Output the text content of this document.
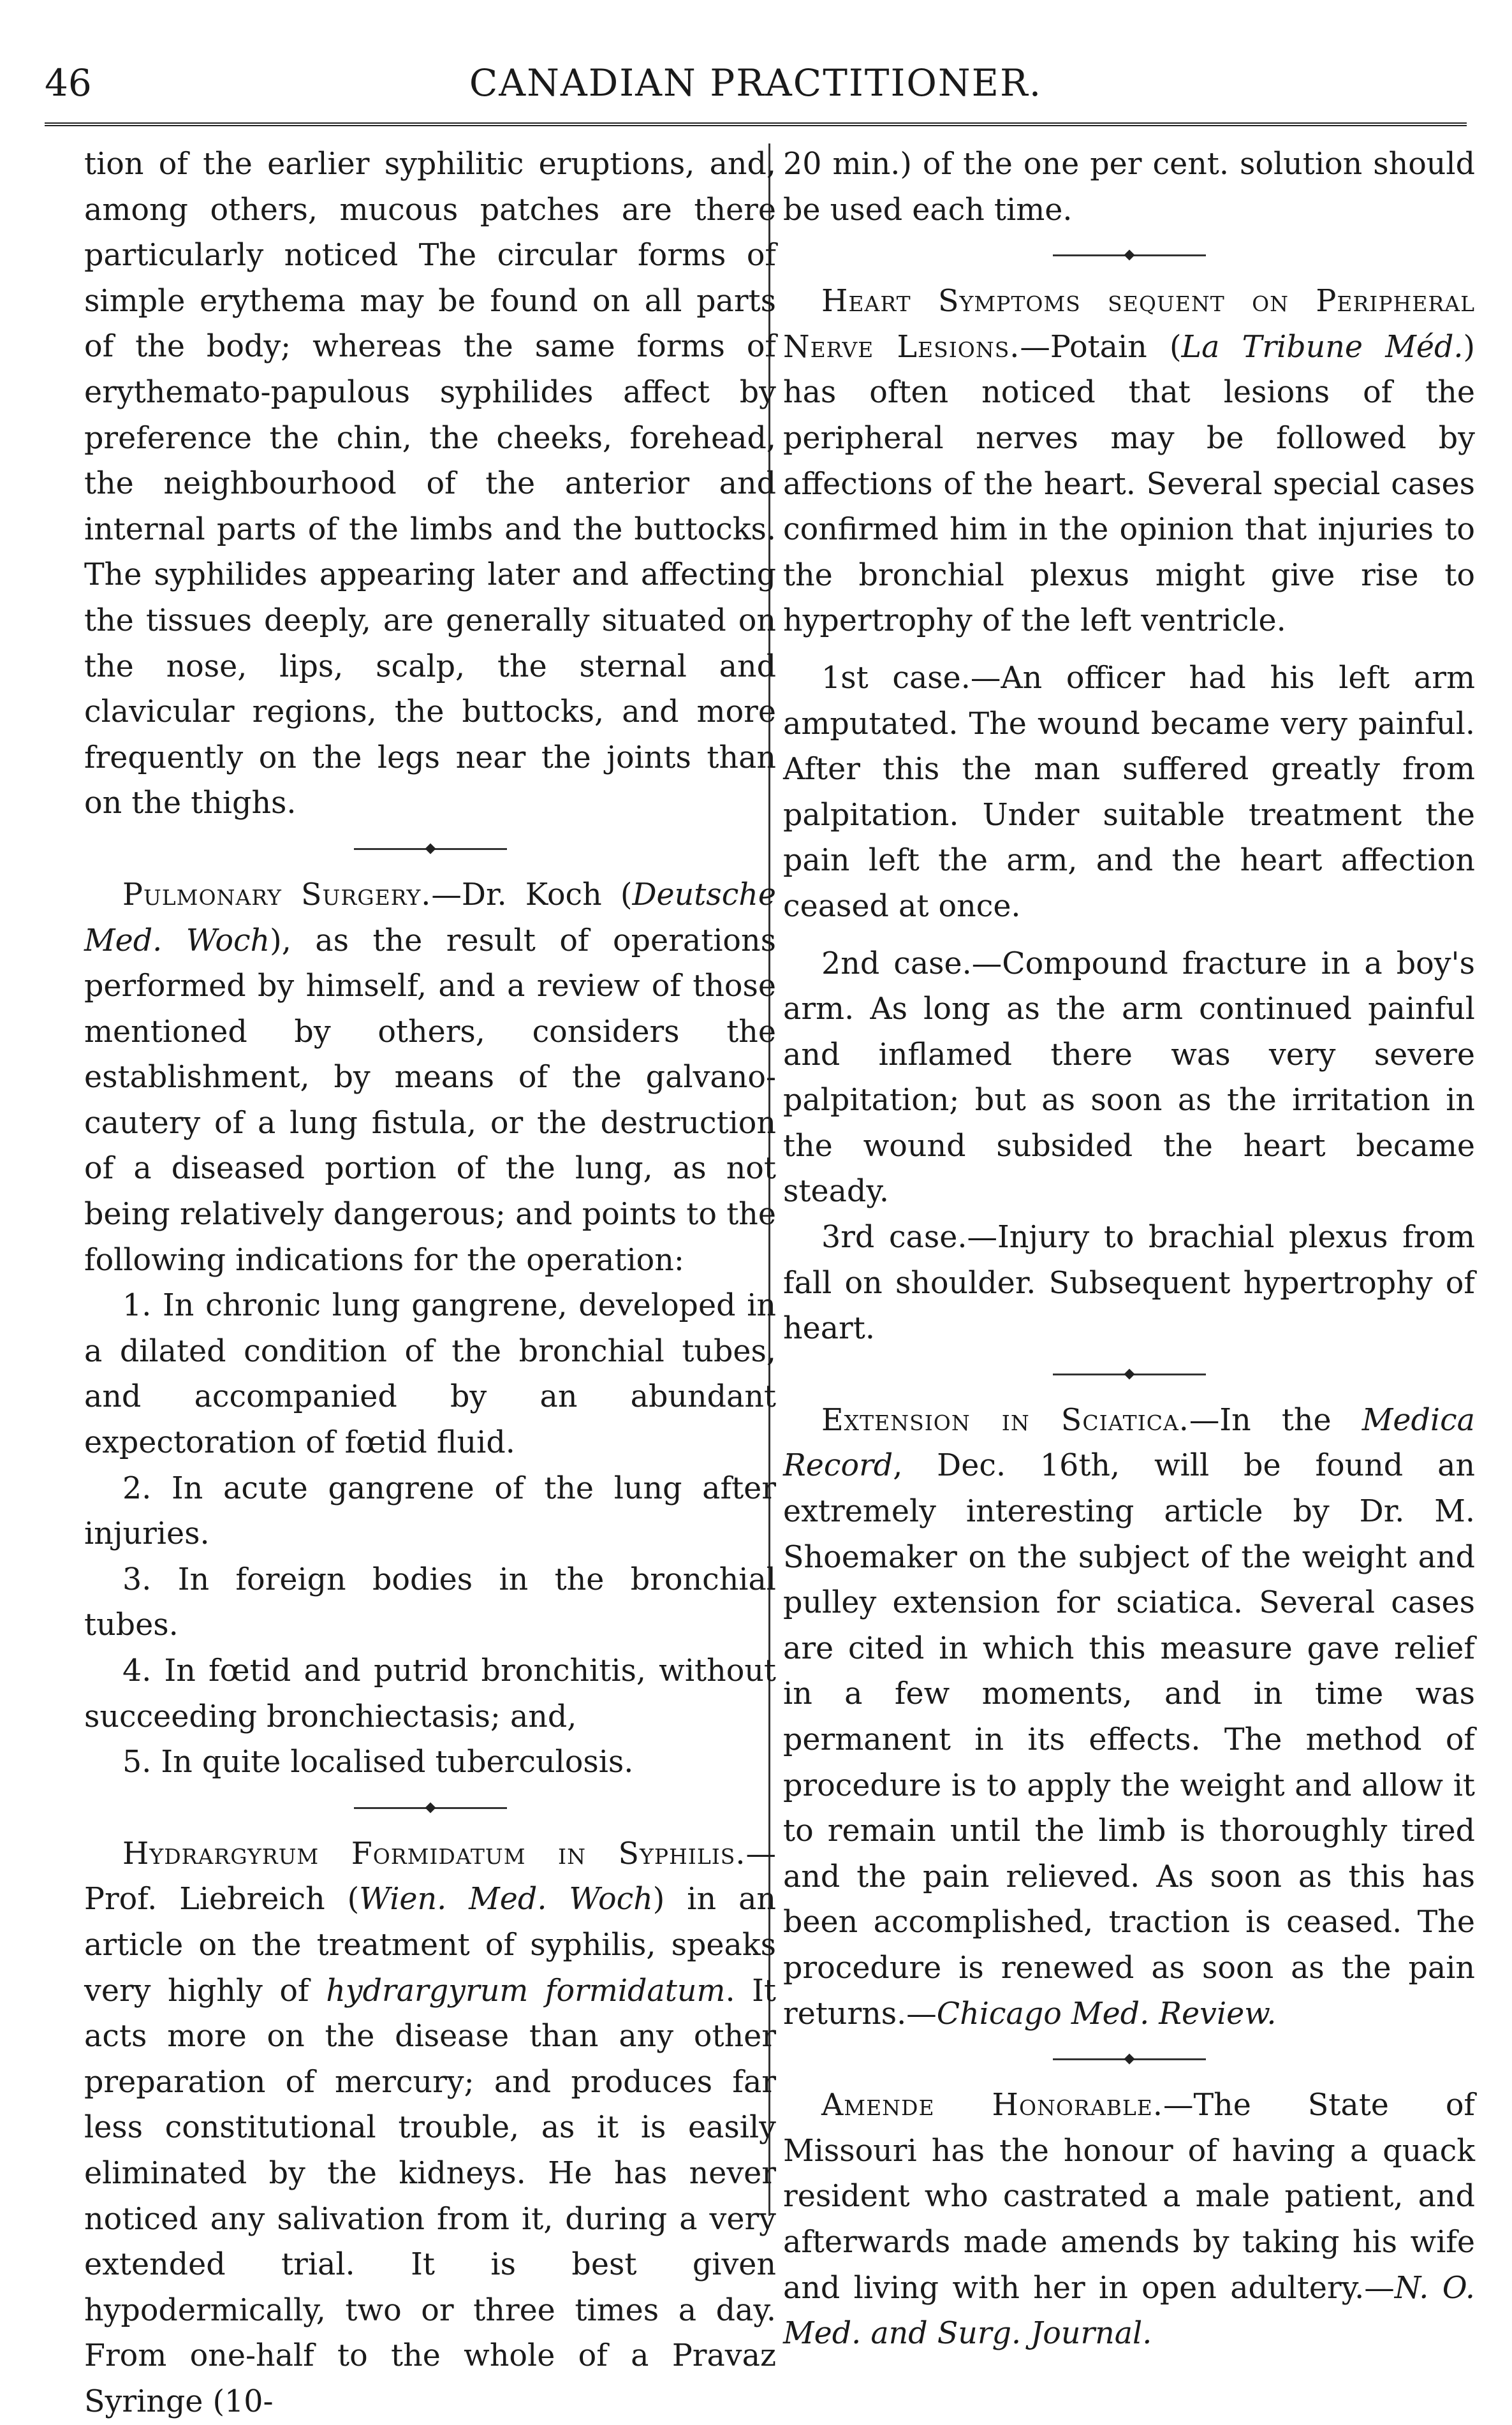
46	CANADIAN PRACTITIONER.

tion of the earlier syphilitic eruptions, and, among others, mucous patches are there particularly noticed The circular forms of simple erythema may be found on all parts of the body; whereas the same forms of erythemato-papulous syphilides affect by preference the chin, the cheeks, forehead, the neighbourhood of the anterior and internal parts of the limbs and the buttocks. The syphilides appearing later and affecting the tissues deeply, are generally situated on the nose, lips, scalp, the sternal and clavicular regions, the buttocks, and more frequently on the legs near the joints than on the thighs.

Pulmonary Surgery.—Dr. Koch (Deutsche Med. Woch), as the result of operations performed by himself, and a review of those mentioned by others, considers the establishment, by means of the galvano-cautery of a lung fistula, or the destruction of a diseased portion of the lung, as not being relatively dangerous; and points to the following indications for the operation:

1. In chronic lung gangrene, developed in a dilated condition of the bronchial tubes, and accompanied by an abundant expectoration of fœtid fluid.

2. In acute gangrene of the lung after injuries.

3. In foreign bodies in the bronchial tubes.

4. In fœtid and putrid bronchitis, without succeeding bronchiectasis; and,

5. In quite localised tuberculosis.

Hydrargyrum Formidatum in Syphilis.—Prof. Liebreich (Wien. Med. Woch) in an article on the treatment of syphilis, speaks very highly of hydrargyrum formidatum. It acts more on the disease than any other preparation of mercury; and produces far less constitutional trouble, as it is easily eliminated by the kidneys. He has never noticed any salivation from it, during a very extended trial. It is best given hypodermically, two or three times a day. From one-half to the whole of a Pravaz Syringe (10-

20 min.) of the one per cent. solution should be used each time.

Heart Symptoms sequent on Peripheral Nerve Lesions.—Potain (La Tribune Méd.) has often noticed that lesions of the peripheral nerves may be followed by affections of the heart. Several special cases confirmed him in the opinion that injuries to the bronchial plexus might give rise to hypertrophy of the left ventricle.

1st case.—An officer had his left arm amputated. The wound became very painful. After this the man suffered greatly from palpitation. Under suitable treatment the pain left the arm, and the heart affection ceased at once.

2nd case.—Compound fracture in a boy's arm. As long as the arm continued painful and inflamed there was very severe palpitation; but as soon as the irritation in the wound subsided the heart became steady.

3rd case.—Injury to brachial plexus from fall on shoulder. Subsequent hypertrophy of heart.

Extension in Sciatica.—In the Medica Record, Dec. 16th, will be found an extremely interesting article by Dr. M. Shoemaker on the subject of the weight and pulley extension for sciatica. Several cases are cited in which this measure gave relief in a few moments, and in time was permanent in its effects. The method of procedure is to apply the weight and allow it to remain until the limb is thoroughly tired and the pain relieved. As soon as this has been accomplished, traction is ceased. The procedure is renewed as soon as the pain returns.—Chicago Med. Review.

Amende Honorable.—The State of Missouri has the honour of having a quack resident who castrated a male patient, and afterwards made amends by taking his wife and living with her in open adultery.—N. O. Med. and Surg. Journal.
